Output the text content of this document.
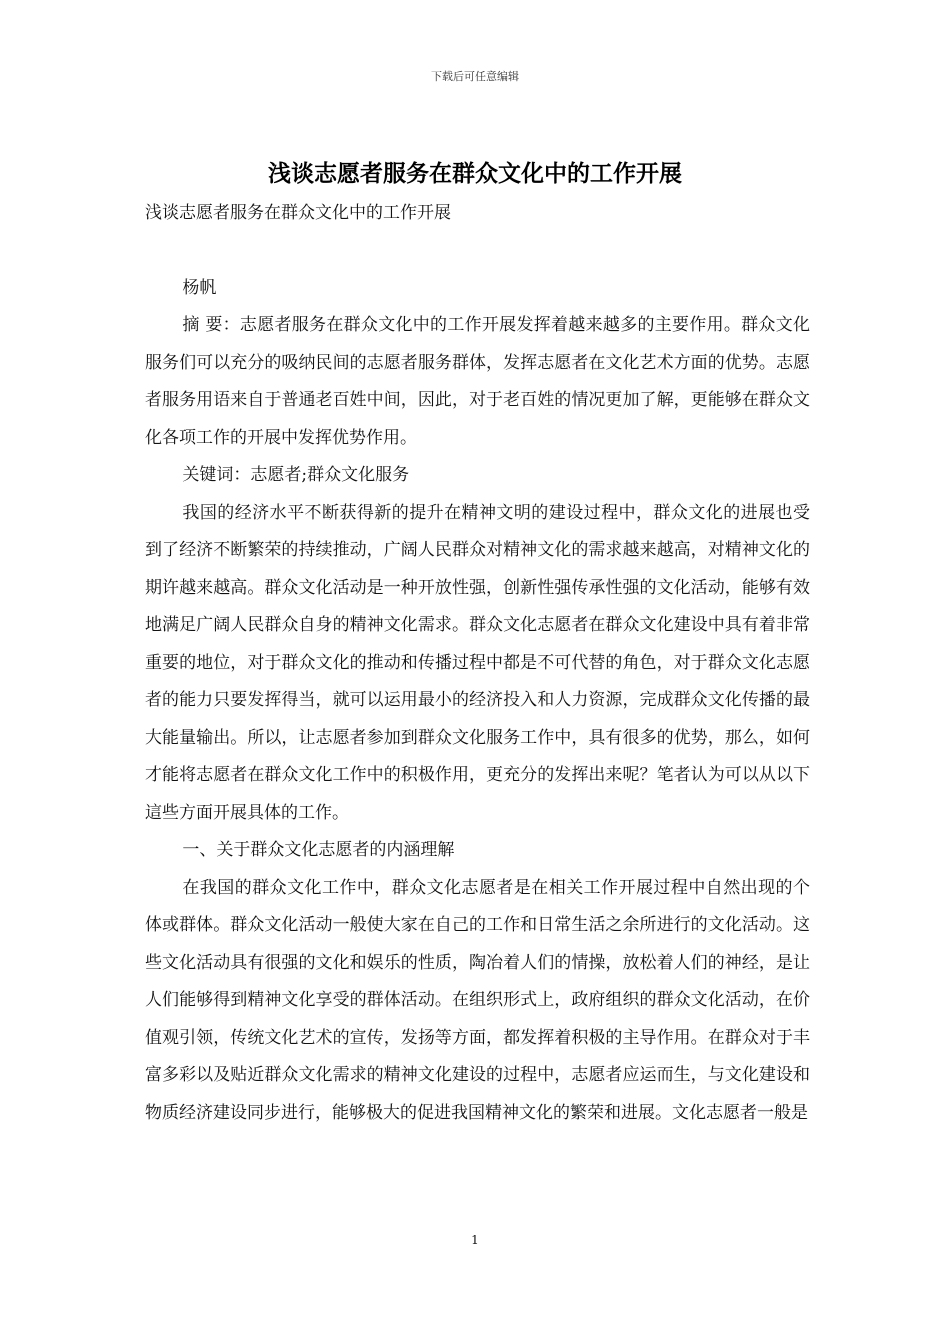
下载后可任意编辑
浅谈志愿者服务在群众文化中的工作开展

浅谈志愿者服务在群众文化中的工作开展

杨帆

摘 要：志愿者服务在群众文化中的工作开展发挥着越来越多的主要作用。群众文化服务们可以充分的吸纳民间的志愿者服务群体，发挥志愿者在文化艺术方面的优势。志愿者服务用语来自于普通老百姓中间，因此，对于老百姓的情况更加了解，更能够在群众文化各项工作的开展中发挥优势作用。

关键词：志愿者;群众文化服务

我国的经济水平不断获得新的提升在精神文明的建设过程中，群众文化的进展也受到了经济不断繁荣的持续推动，广阔人民群众对精神文化的需求越来越高，对精神文化的期许越来越高。群众文化活动是一种开放性强，创新性强传承性强的文化活动，能够有效地满足广阔人民群众自身的精神文化需求。群众文化志愿者在群众文化建设中具有着非常重要的地位，对于群众文化的推动和传播过程中都是不可代替的角色，对于群众文化志愿者的能力只要发挥得当，就可以运用最小的经济投入和人力资源，完成群众文化传播的最大能量输出。所以，让志愿者参加到群众文化服务工作中，具有很多的优势，那么，如何才能将志愿者在群众文化工作中的积极作用，更充分的发挥出来呢？笔者认为可以从以下這些方面开展具体的工作。

一、关于群众文化志愿者的内涵理解

在我国的群众文化工作中，群众文化志愿者是在相关工作开展过程中自然出现的个体或群体。群众文化活动一般使大家在自己的工作和日常生活之余所进行的文化活动。这些文化活动具有很强的文化和娱乐的性质，陶冶着人们的情操，放松着人们的神经，是让人们能够得到精神文化享受的群体活动。在组织形式上，政府组织的群众文化活动，在价值观引领，传统文化艺术的宣传，发扬等方面，都发挥着积极的主导作用。在群众对于丰富多彩以及贴近群众文化需求的精神文化建设的过程中，志愿者应运而生，与文化建设和物质经济建设同步进行，能够极大的促进我国精神文化的繁荣和进展。文化志愿者一般是

1
